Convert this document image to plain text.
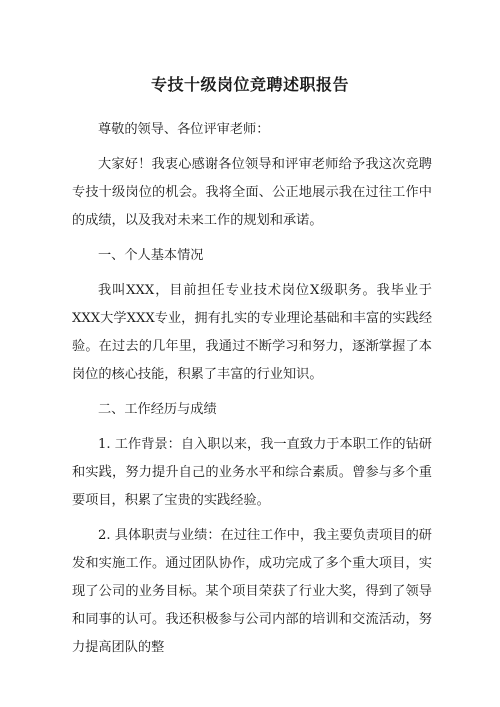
专技十级岗位竞聘述职报告

尊敬的领导、各位评审老师：

大家好！我衷心感谢各位领导和评审老师给予我这次竞聘专技十级岗位的机会。我将全面、公正地展示我在过往工作中的成绩，以及我对未来工作的规划和承诺。

一、个人基本情况

我叫XXX，目前担任专业技术岗位X级职务。我毕业于XXX大学XXX专业，拥有扎实的专业理论基础和丰富的实践经验。在过去的几年里，我通过不断学习和努力，逐渐掌握了本岗位的核心技能，积累了丰富的行业知识。

二、工作经历与成绩

1. 工作背景：自入职以来，我一直致力于本职工作的钻研和实践，努力提升自己的业务水平和综合素质。曾参与多个重要项目，积累了宝贵的实践经验。

2. 具体职责与业绩：在过往工作中，我主要负责项目的研发和实施工作。通过团队协作，成功完成了多个重大项目，实现了公司的业务目标。某个项目荣获了行业大奖，得到了领导和同事的认可。我还积极参与公司内部的培训和交流活动，努力提高团队的整
